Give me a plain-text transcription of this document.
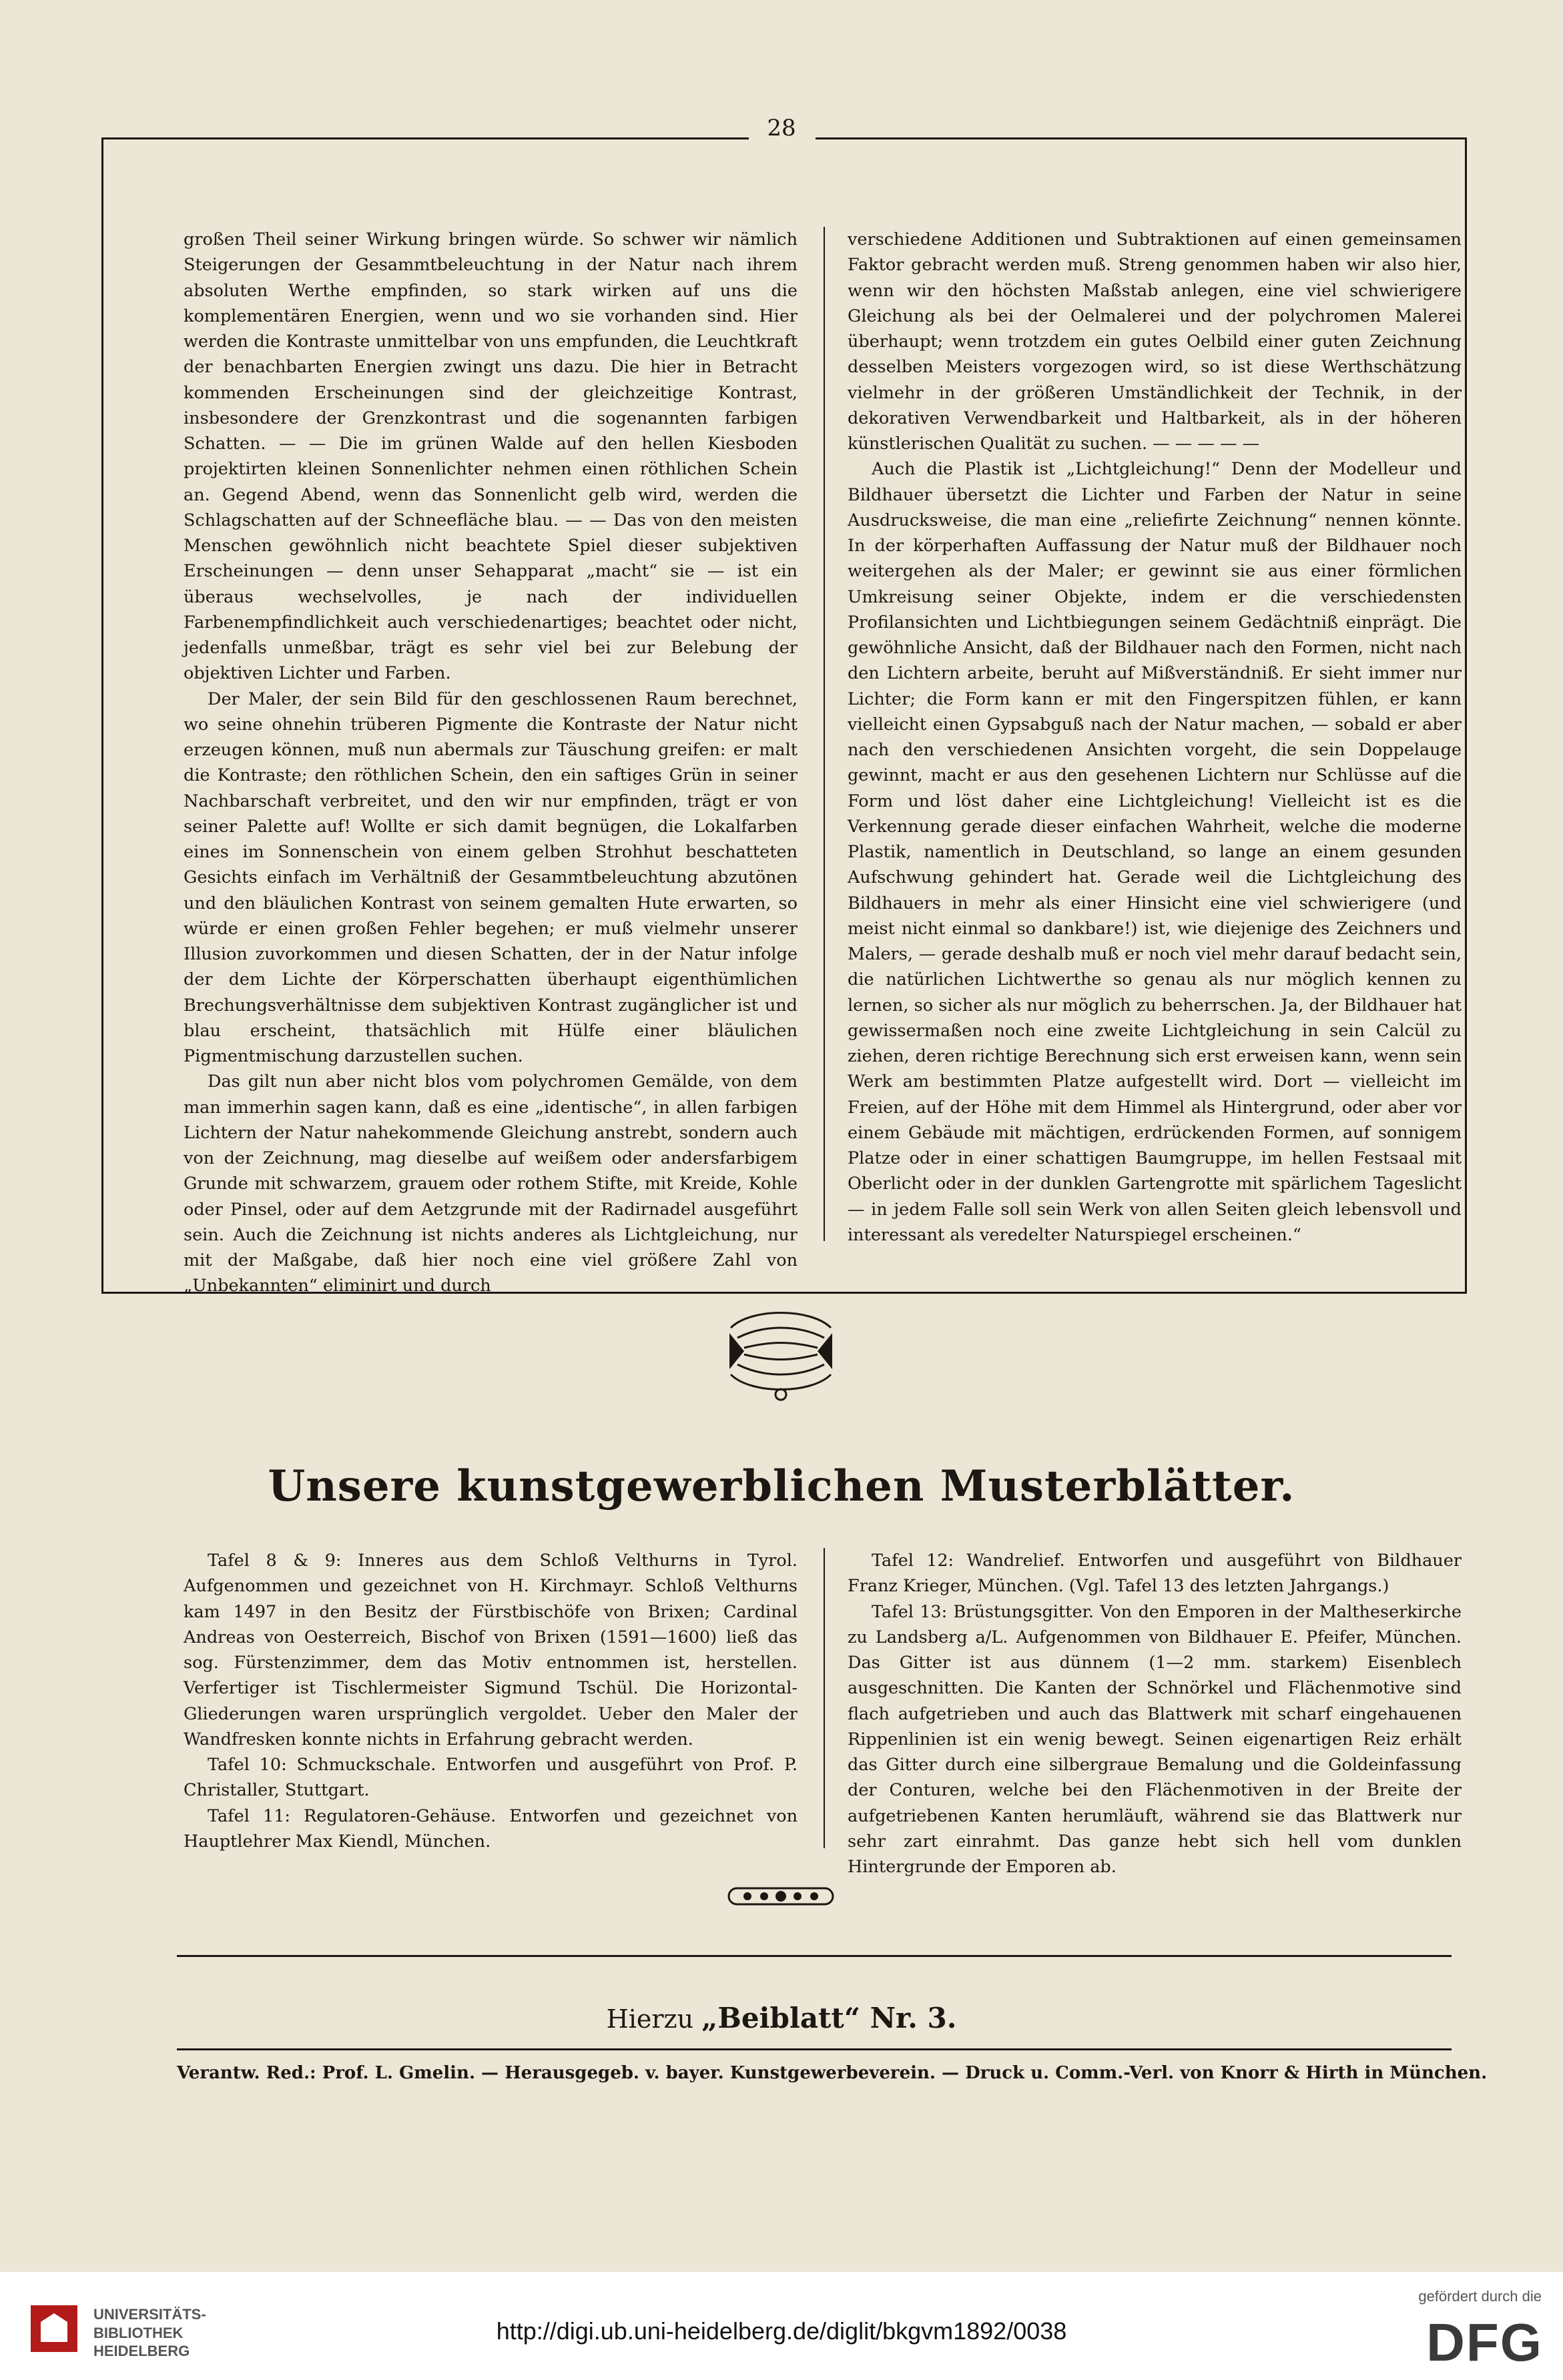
28

großen Theil seiner Wirkung bringen würde. So schwer wir nämlich Steigerungen der Gesammtbeleuchtung in der Natur nach ihrem absoluten Werthe empfinden, so stark wirken auf uns die komplementären Energien, wenn und wo sie vorhanden sind. Hier werden die Kontraste unmittelbar von uns empfunden, die Leuchtkraft der benachbarten Energien zwingt uns dazu. Die hier in Betracht kommenden Erscheinungen sind der gleichzeitige Kontrast, insbesondere der Grenzkontrast und die sogenannten farbigen Schatten. — — Die im grünen Walde auf den hellen Kiesboden projektirten kleinen Sonnenlichter nehmen einen röthlichen Schein an. Gegend Abend, wenn das Sonnenlicht gelb wird, werden die Schlagschatten auf der Schneefläche blau. — — Das von den meisten Menschen gewöhnlich nicht beachtete Spiel dieser subjektiven Erscheinungen — denn unser Sehapparat „macht“ sie — ist ein überaus wechselvolles, je nach der individuellen Farbenempfindlichkeit auch verschiedenartiges; beachtet oder nicht, jedenfalls unmeßbar, trägt es sehr viel bei zur Belebung der objektiven Lichter und Farben.

Der Maler, der sein Bild für den geschlossenen Raum berechnet, wo seine ohnehin trüberen Pigmente die Kontraste der Natur nicht erzeugen können, muß nun abermals zur Täuschung greifen: er malt die Kontraste; den röthlichen Schein, den ein saftiges Grün in seiner Nachbarschaft verbreitet, und den wir nur empfinden, trägt er von seiner Palette auf! Wollte er sich damit begnügen, die Lokalfarben eines im Sonnenschein von einem gelben Strohhut beschatteten Gesichts einfach im Verhältniß der Gesammtbeleuchtung abzutönen und den bläulichen Kontrast von seinem gemalten Hute erwarten, so würde er einen großen Fehler begehen; er muß vielmehr unserer Illusion zuvorkommen und diesen Schatten, der in der Natur infolge der dem Lichte der Körperschatten überhaupt eigenthümlichen Brechungsverhältnisse dem subjektiven Kontrast zugänglicher ist und blau erscheint, thatsächlich mit Hülfe einer bläulichen Pigmentmischung darzustellen suchen.

Das gilt nun aber nicht blos vom polychromen Gemälde, von dem man immerhin sagen kann, daß es eine „identische“, in allen farbigen Lichtern der Natur nahekommende Gleichung anstrebt, sondern auch von der Zeichnung, mag dieselbe auf weißem oder andersfarbigem Grunde mit schwarzem, grauem oder rothem Stifte, mit Kreide, Kohle oder Pinsel, oder auf dem Aetzgrunde mit der Radirnadel ausgeführt sein. Auch die Zeichnung ist nichts anderes als Lichtgleichung, nur mit der Maßgabe, daß hier noch eine viel größere Zahl von „Unbekannten“ eliminirt und durch

verschiedene Additionen und Subtraktionen auf einen gemeinsamen Faktor gebracht werden muß. Streng genommen haben wir also hier, wenn wir den höchsten Maßstab anlegen, eine viel schwierigere Gleichung als bei der Oelmalerei und der polychromen Malerei überhaupt; wenn trotzdem ein gutes Oelbild einer guten Zeichnung desselben Meisters vorgezogen wird, so ist diese Werthschätzung vielmehr in der größeren Umständlichkeit der Technik, in der dekorativen Verwendbarkeit und Haltbarkeit, als in der höheren künstlerischen Qualität zu suchen. — — — — —

Auch die Plastik ist „Lichtgleichung!“ Denn der Modelleur und Bildhauer übersetzt die Lichter und Farben der Natur in seine Ausdrucksweise, die man eine „reliefirte Zeichnung“ nennen könnte. In der körperhaften Auffassung der Natur muß der Bildhauer noch weitergehen als der Maler; er gewinnt sie aus einer förmlichen Umkreisung seiner Objekte, indem er die verschiedensten Profilansichten und Lichtbiegungen seinem Gedächtniß einprägt. Die gewöhnliche Ansicht, daß der Bildhauer nach den Formen, nicht nach den Lichtern arbeite, beruht auf Mißverständniß. Er sieht immer nur Lichter; die Form kann er mit den Fingerspitzen fühlen, er kann vielleicht einen Gypsabguß nach der Natur machen, — sobald er aber nach den verschiedenen Ansichten vorgeht, die sein Doppelauge gewinnt, macht er aus den gesehenen Lichtern nur Schlüsse auf die Form und löst daher eine Lichtgleichung! Vielleicht ist es die Verkennung gerade dieser einfachen Wahrheit, welche die moderne Plastik, namentlich in Deutschland, so lange an einem gesunden Aufschwung gehindert hat. Gerade weil die Lichtgleichung des Bildhauers in mehr als einer Hinsicht eine viel schwierigere (und meist nicht einmal so dankbare!) ist, wie diejenige des Zeichners und Malers, — gerade deshalb muß er noch viel mehr darauf bedacht sein, die natürlichen Lichtwerthe so genau als nur möglich kennen zu lernen, so sicher als nur möglich zu beherrschen. Ja, der Bildhauer hat gewissermaßen noch eine zweite Lichtgleichung in sein Calcül zu ziehen, deren richtige Berechnung sich erst erweisen kann, wenn sein Werk am bestimmten Platze aufgestellt wird. Dort — vielleicht im Freien, auf der Höhe mit dem Himmel als Hintergrund, oder aber vor einem Gebäude mit mächtigen, erdrückenden Formen, auf sonnigem Platze oder in einer schattigen Baumgruppe, im hellen Festsaal mit Oberlicht oder in der dunklen Gartengrotte mit spärlichem Tageslicht — in jedem Falle soll sein Werk von allen Seiten gleich lebensvoll und interessant als veredelter Naturspiegel erscheinen.“

Unsere kunstgewerblichen Musterblätter.

Tafel 8 & 9: Inneres aus dem Schloß Velthurns in Tyrol. Aufgenommen und gezeichnet von H. Kirchmayr. Schloß Velthurns kam 1497 in den Besitz der Fürstbischöfe von Brixen; Cardinal Andreas von Oesterreich, Bischof von Brixen (1591—1600) ließ das sog. Fürstenzimmer, dem das Motiv entnommen ist, herstellen. Verfertiger ist Tischlermeister Sigmund Tschül. Die Horizontal-Gliederungen waren ursprünglich vergoldet. Ueber den Maler der Wandfresken konnte nichts in Erfahrung gebracht werden.

Tafel 10: Schmuckschale. Entworfen und ausgeführt von Prof. P. Christaller, Stuttgart.

Tafel 11: Regulatoren-Gehäuse. Entworfen und gezeichnet von Hauptlehrer Max Kiendl, München.

Tafel 12: Wandrelief. Entworfen und ausgeführt von Bildhauer Franz Krieger, München. (Vgl. Tafel 13 des letzten Jahrgangs.)

Tafel 13: Brüstungsgitter. Von den Emporen in der Maltheserkirche zu Landsberg a/L. Aufgenommen von Bildhauer E. Pfeifer, München. Das Gitter ist aus dünnem (1—2 mm. starkem) Eisenblech ausgeschnitten. Die Kanten der Schnörkel und Flächenmotive sind flach aufgetrieben und auch das Blattwerk mit scharf eingehauenen Rippenlinien ist ein wenig bewegt. Seinen eigenartigen Reiz erhält das Gitter durch eine silbergraue Bemalung und die Goldeinfassung der Conturen, welche bei den Flächenmotiven in der Breite der aufgetriebenen Kanten herumläuft, während sie das Blattwerk nur sehr zart einrahmt. Das ganze hebt sich hell vom dunklen Hintergrunde der Emporen ab.

Hierzu „Beiblatt“ Nr. 3.
Verantw. Red.: Prof. L. Gmelin. — Herausgegeb. v. bayer. Kunstgewerbeverein. — Druck u. Comm.-Verl. von Knorr & Hirth in München.
UNIVERSITÄTS-
BIBLIOTHEK
HEIDELBERG
http://digi.ub.uni-heidelberg.de/diglit/bkgvm1892/0038
gefördert durch die
DFG
